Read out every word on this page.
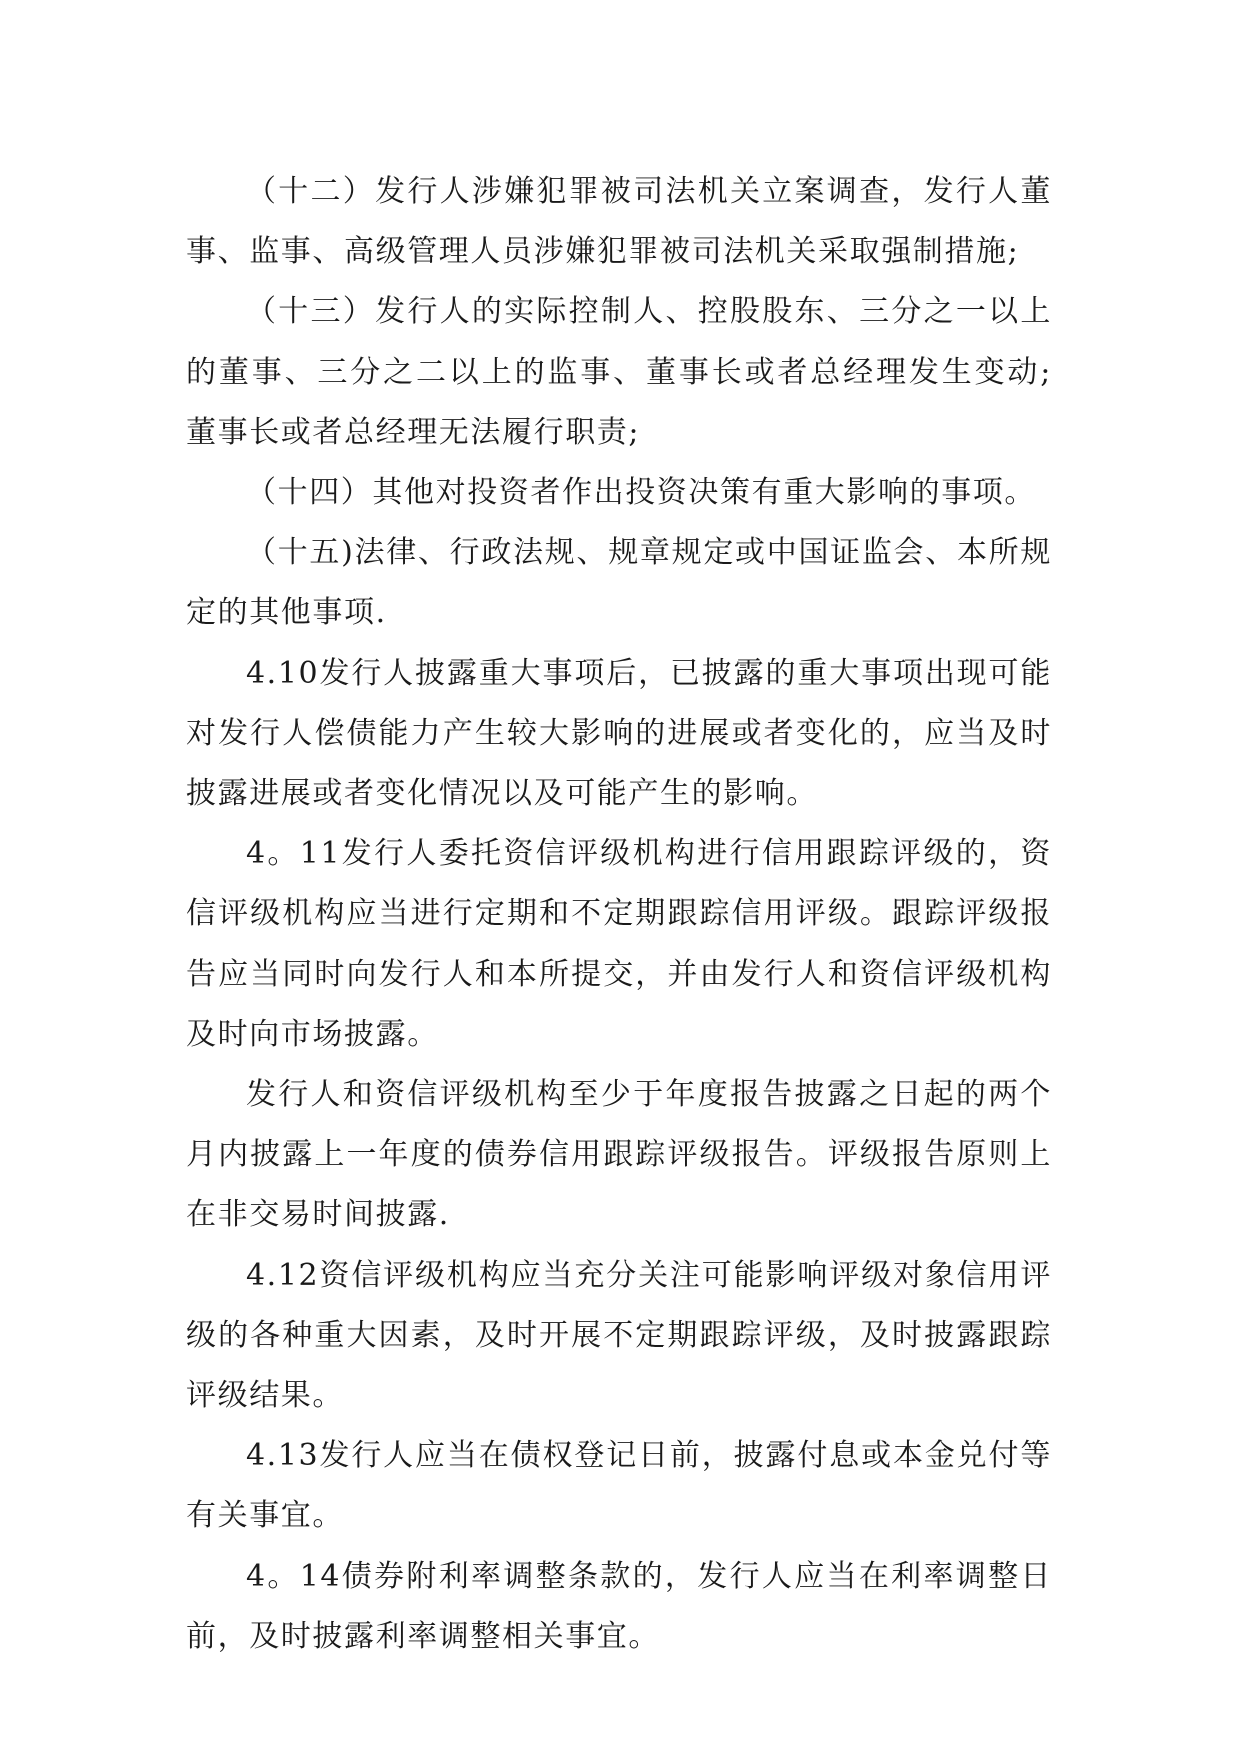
（十二）发行人涉嫌犯罪被司法机关立案调查，发行人董事、监事、高级管理人员涉嫌犯罪被司法机关采取强制措施;

（十三）发行人的实际控制人、控股股东、三分之一以上的董事、三分之二以上的监事、董事长或者总经理发生变动; 董事长或者总经理无法履行职责;

（十四）其他对投资者作出投资决策有重大影响的事项。

（十五)法律、行政法规、规章规定或中国证监会、本所规定的其他事项.

4.10发行人披露重大事项后，已披露的重大事项出现可能对发行人偿债能力产生较大影响的进展或者变化的，应当及时披露进展或者变化情况以及可能产生的影响。

4。11发行人委托资信评级机构进行信用跟踪评级的，资信评级机构应当进行定期和不定期跟踪信用评级。跟踪评级报告应当同时向发行人和本所提交，并由发行人和资信评级机构及时向市场披露。

发行人和资信评级机构至少于年度报告披露之日起的两个月内披露上一年度的债券信用跟踪评级报告。评级报告原则上在非交易时间披露.

4.12资信评级机构应当充分关注可能影响评级对象信用评级的各种重大因素，及时开展不定期跟踪评级，及时披露跟踪评级结果。

4.13发行人应当在债权登记日前，披露付息或本金兑付等有关事宜。

4。14债券附利率调整条款的，发行人应当在利率调整日前，及时披露利率调整相关事宜。
